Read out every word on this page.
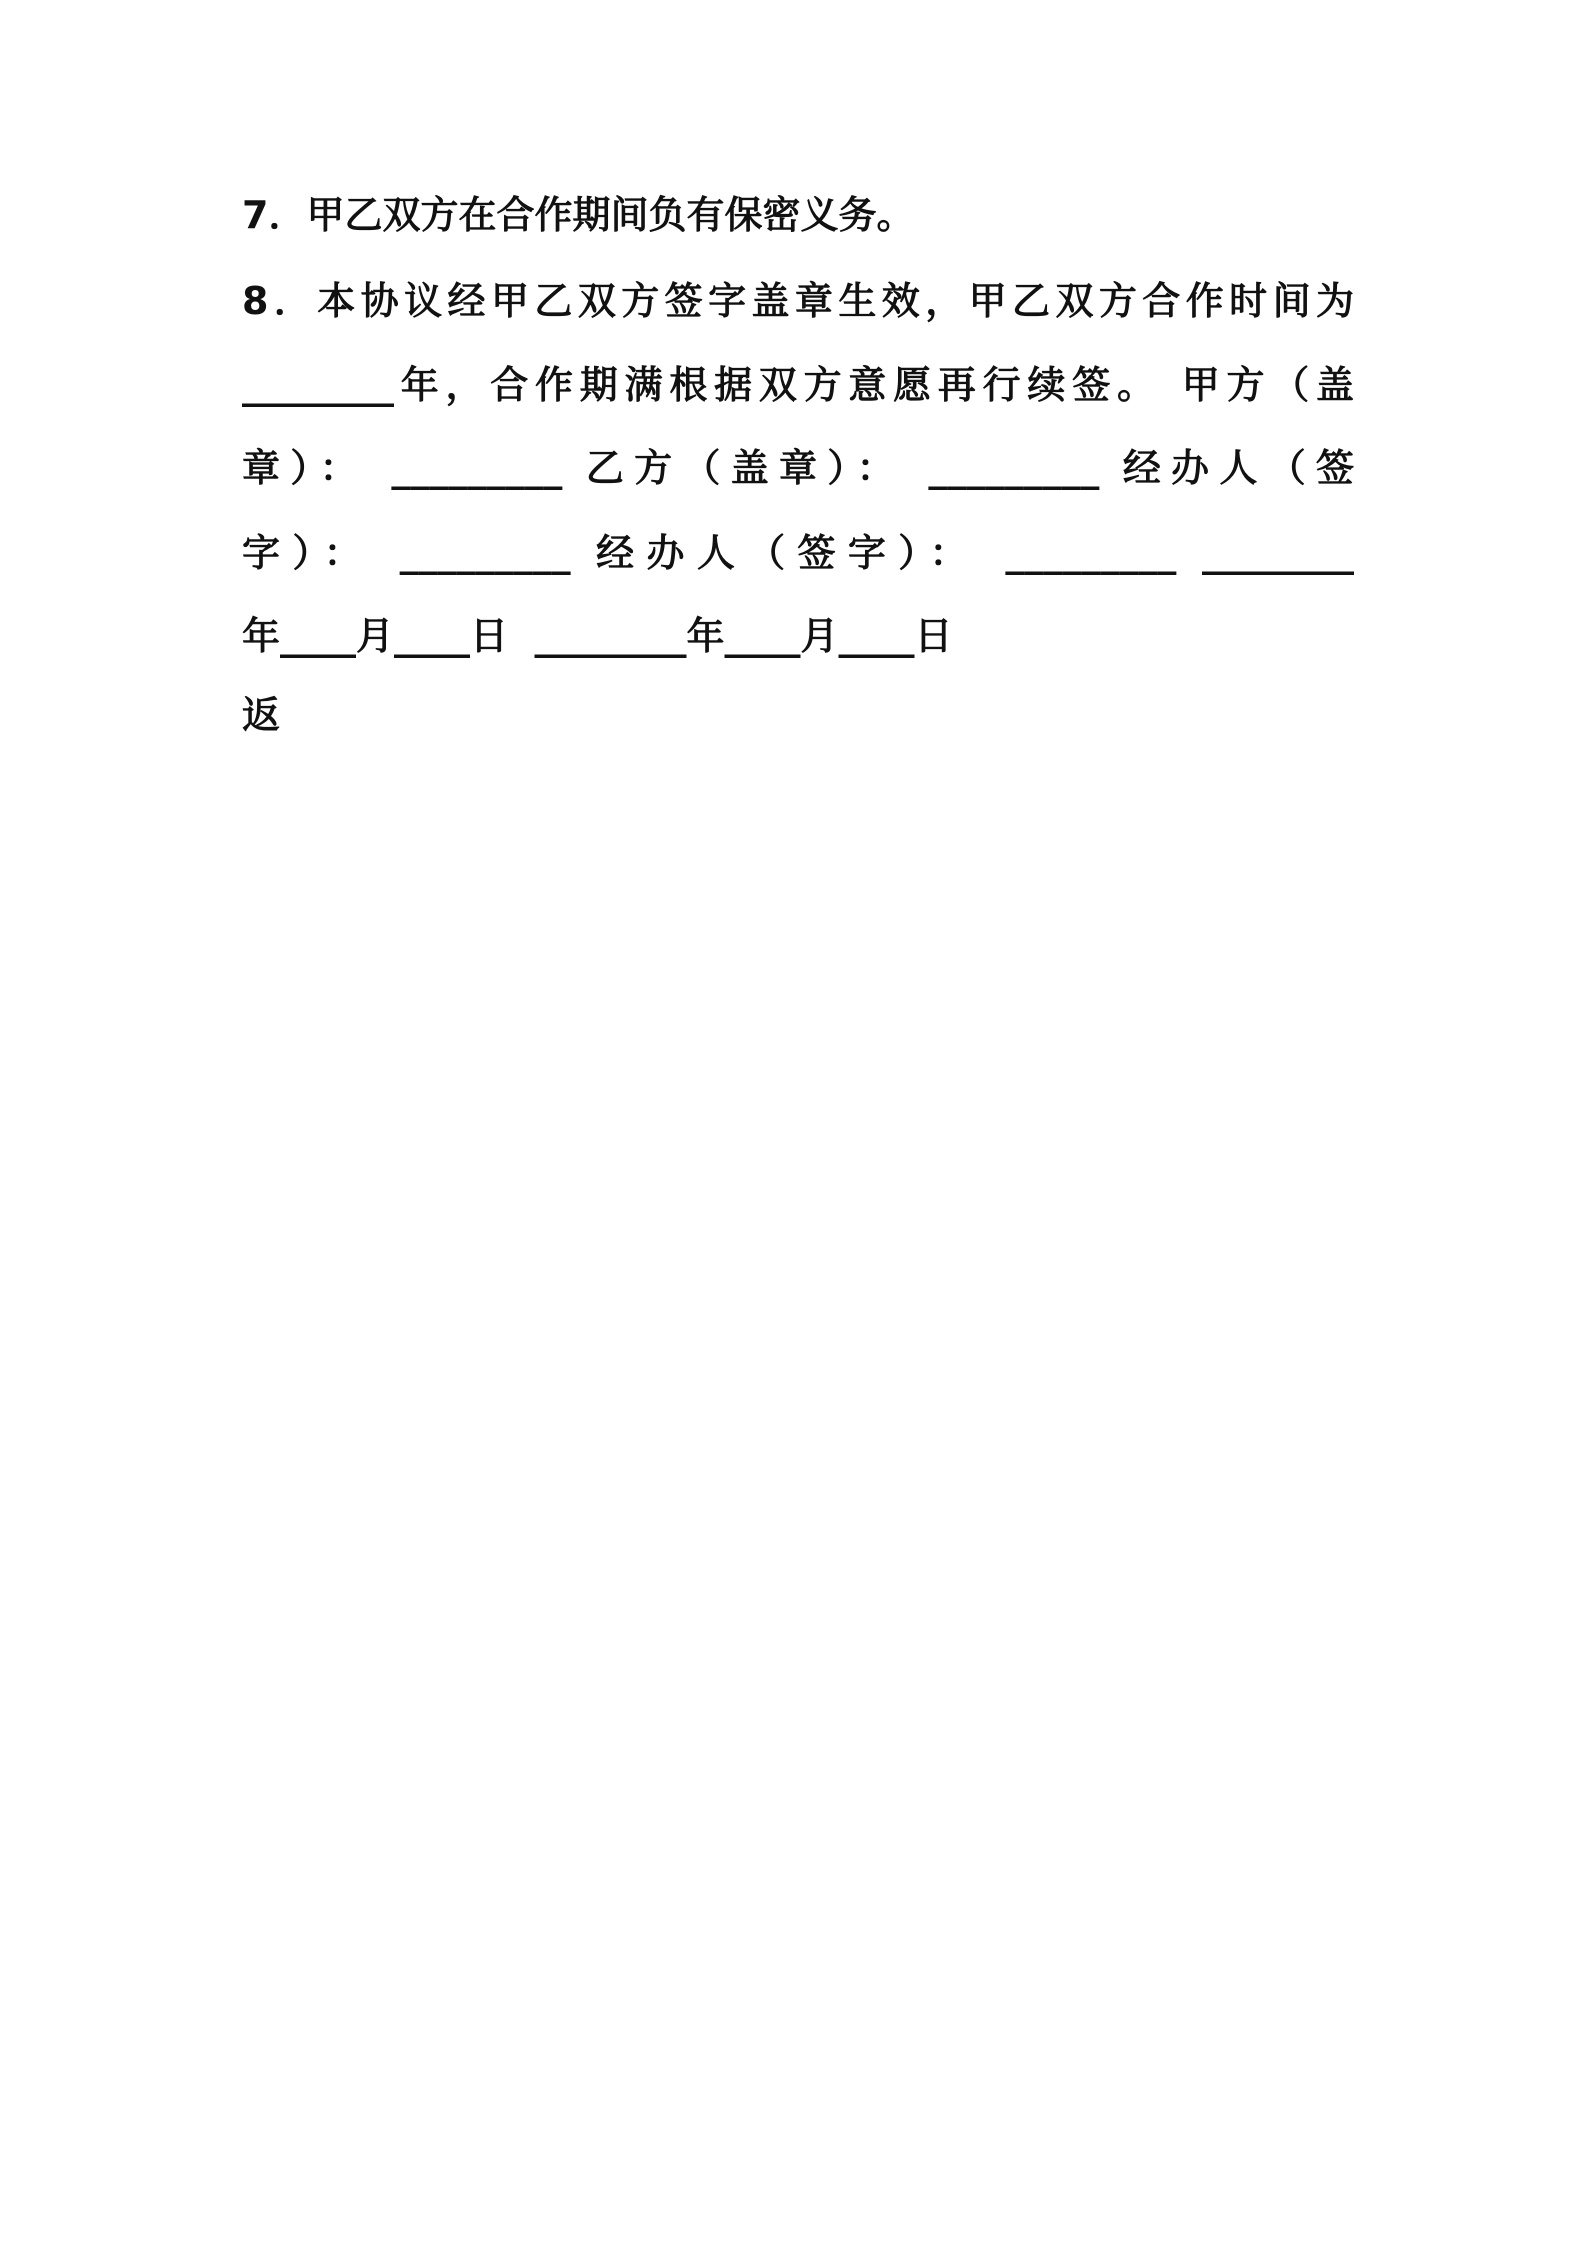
7．甲乙双方在合作期间负有保密义务。
8．本协议经甲乙双方签字盖章生效，甲乙双方合作时间为
________年，合作期满根据双方意愿再行续签。 甲方（盖
章）： _________ 乙方（盖章）： _________ 经办人（签
字）： _________ 经办人（签字）： _________ ________
年____月____日  ________年____月____日
返
